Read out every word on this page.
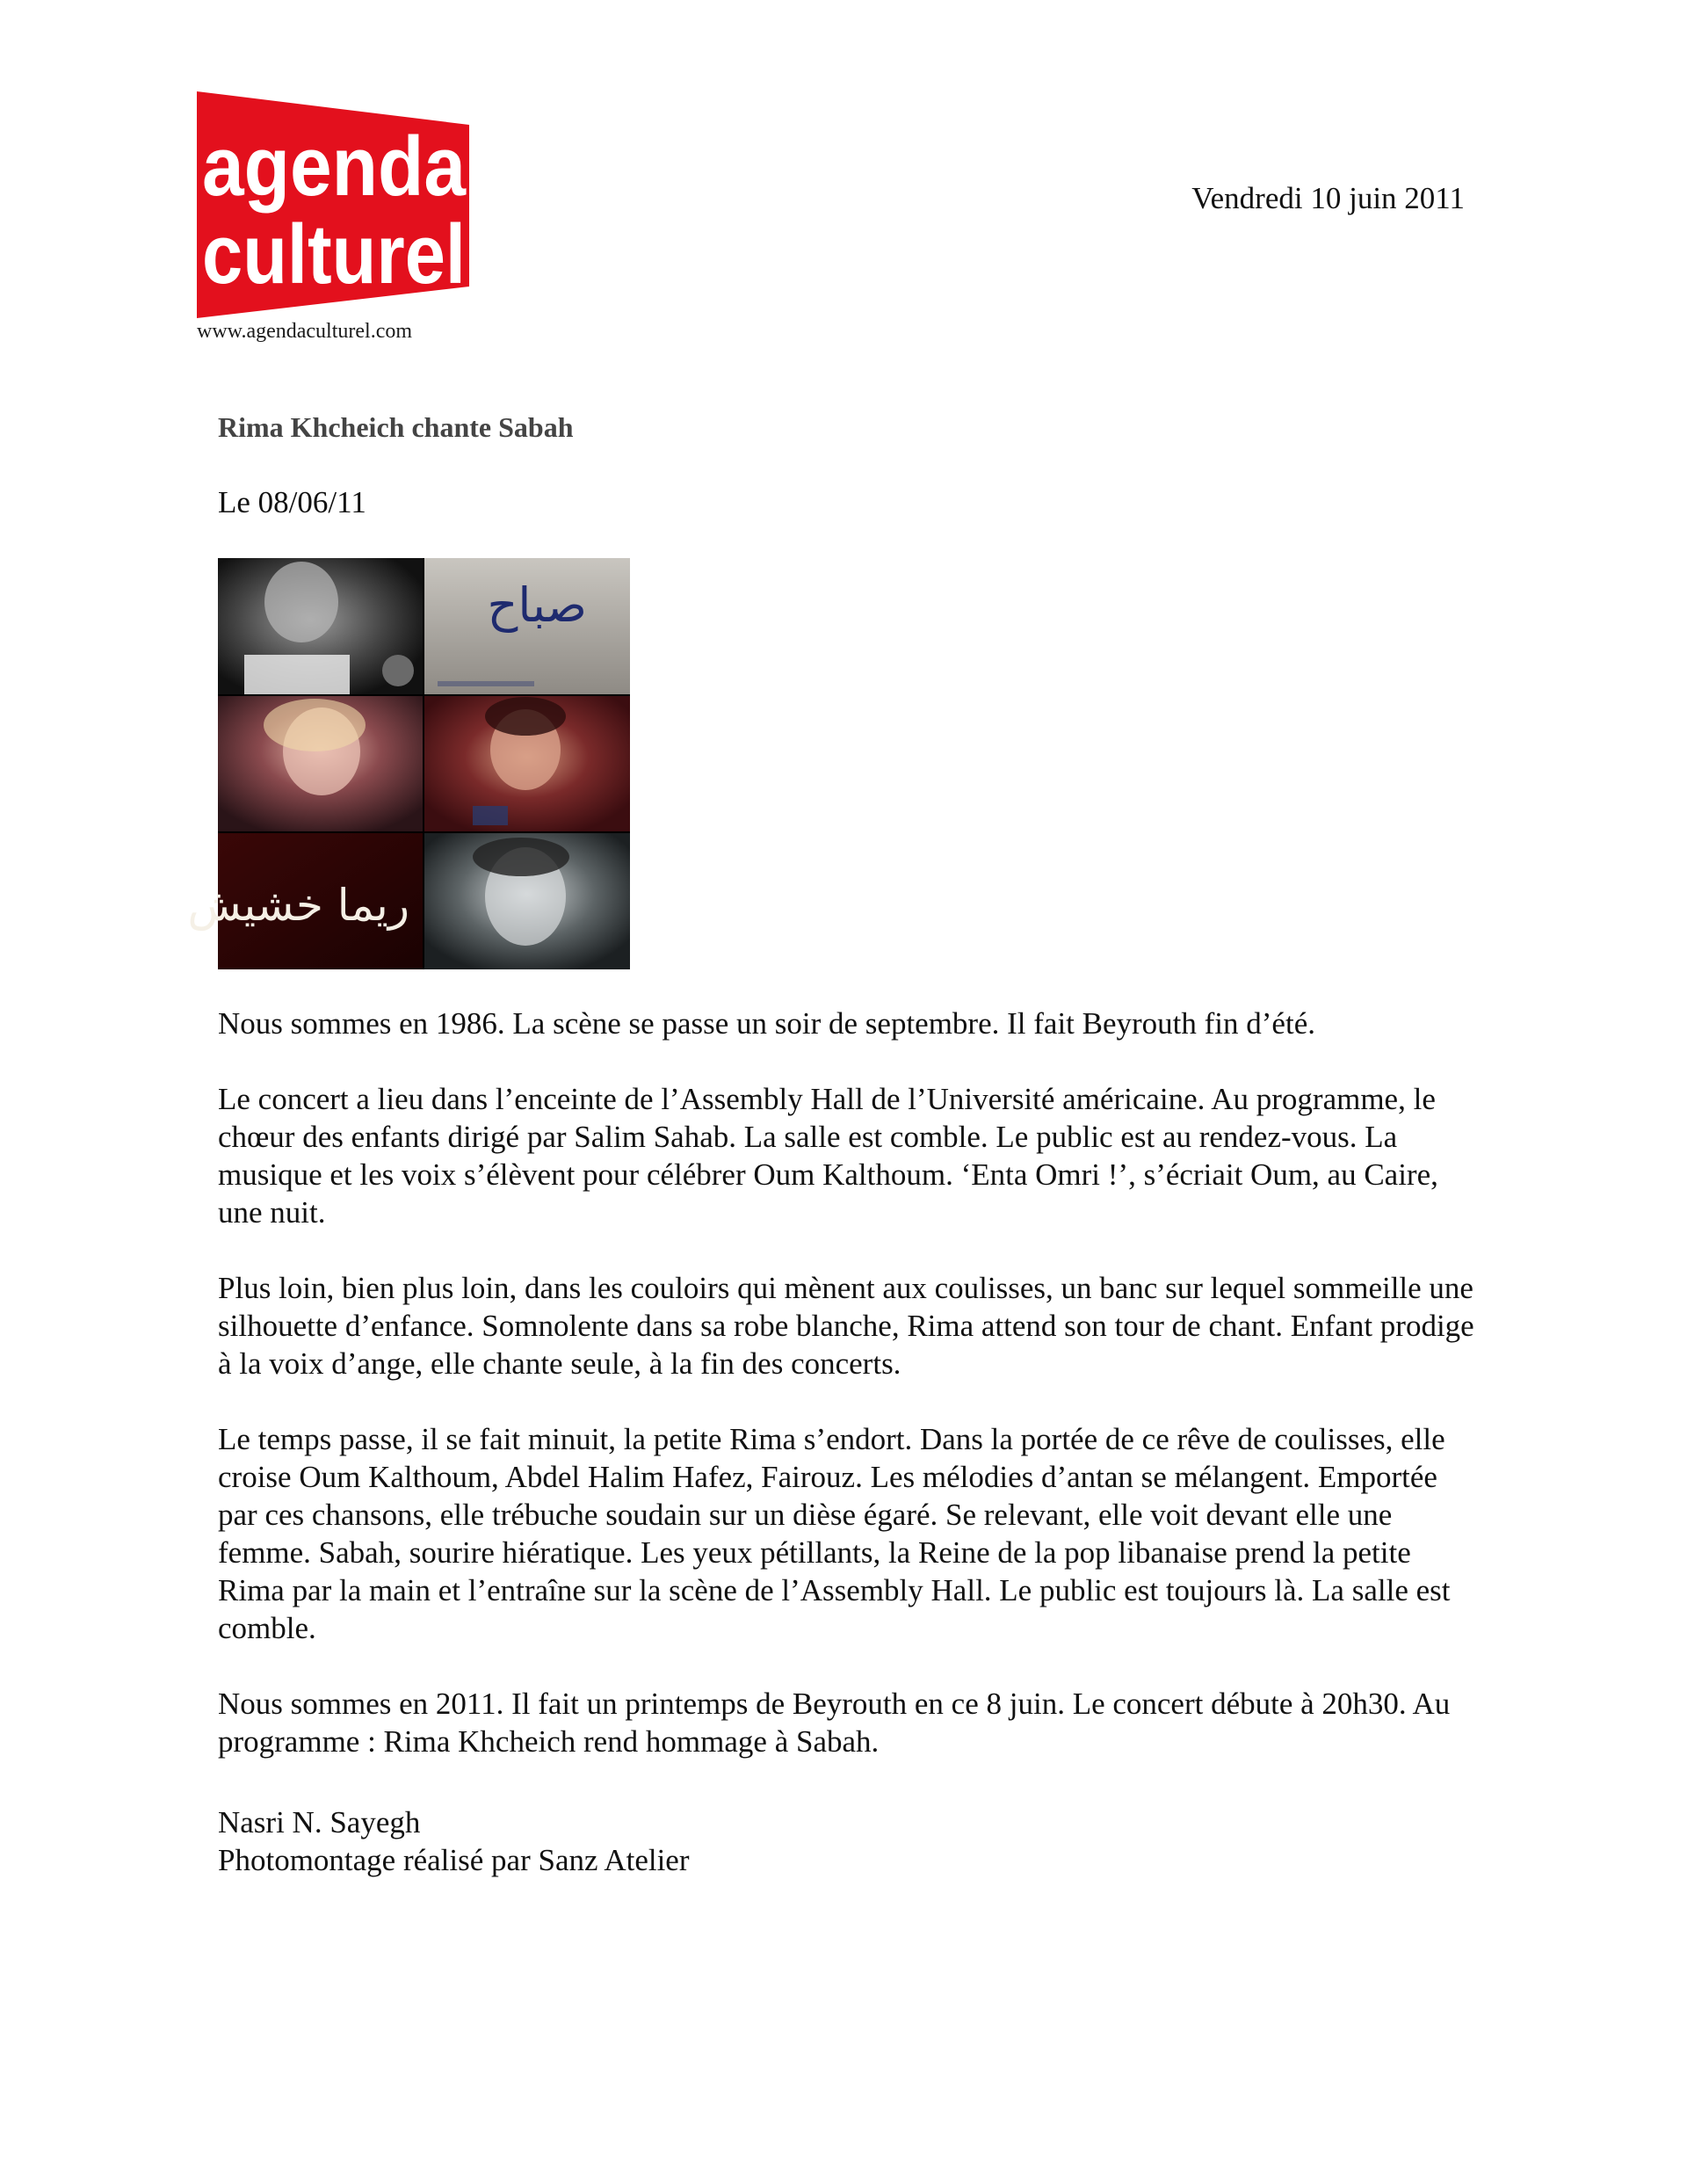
agenda
culturel
www.agendaculturel.com
Vendredi 10 juin 2011
Rima Khcheich chante Sabah
Le 08/06/11
صباح
ريما خشيش

Nous sommes en 1986. La scène se passe un soir de septembre. Il fait Beyrouth fin d’été.

Le concert a lieu dans l’enceinte de l’Assembly Hall de l’Université américaine. Au programme, le chœur des enfants dirigé par Salim Sahab. La salle est comble. Le public est au rendez-vous. La musique et les voix s’élèvent pour célébrer Oum Kalthoum. ‘Enta Omri !’, s’écriait Oum, au Caire, une nuit.

Plus loin, bien plus loin, dans les couloirs qui mènent aux coulisses, un banc sur lequel sommeille une silhouette d’enfance. Somnolente dans sa robe blanche, Rima attend son tour de chant. Enfant prodige à la voix d’ange, elle chante seule, à la fin des concerts.

Le temps passe, il se fait minuit, la petite Rima s’endort. Dans la portée de ce rêve de coulisses, elle croise Oum Kalthoum, Abdel Halim Hafez, Fairouz. Les mélodies d’antan se mélangent. Emportée par ces chansons, elle trébuche soudain sur un dièse égaré. Se relevant, elle voit devant elle une femme. Sabah, sourire hiératique. Les yeux pétillants, la Reine de la pop libanaise prend la petite Rima par la main et l’entraîne sur la scène de l’Assembly Hall. Le public est toujours là. La salle est comble.

Nous sommes en 2011. Il fait un printemps de Beyrouth en ce 8 juin. Le concert débute à 20h30. Au programme : Rima Khcheich rend hommage à Sabah.

Nasri N. Sayegh
Photomontage réalisé par Sanz Atelier
